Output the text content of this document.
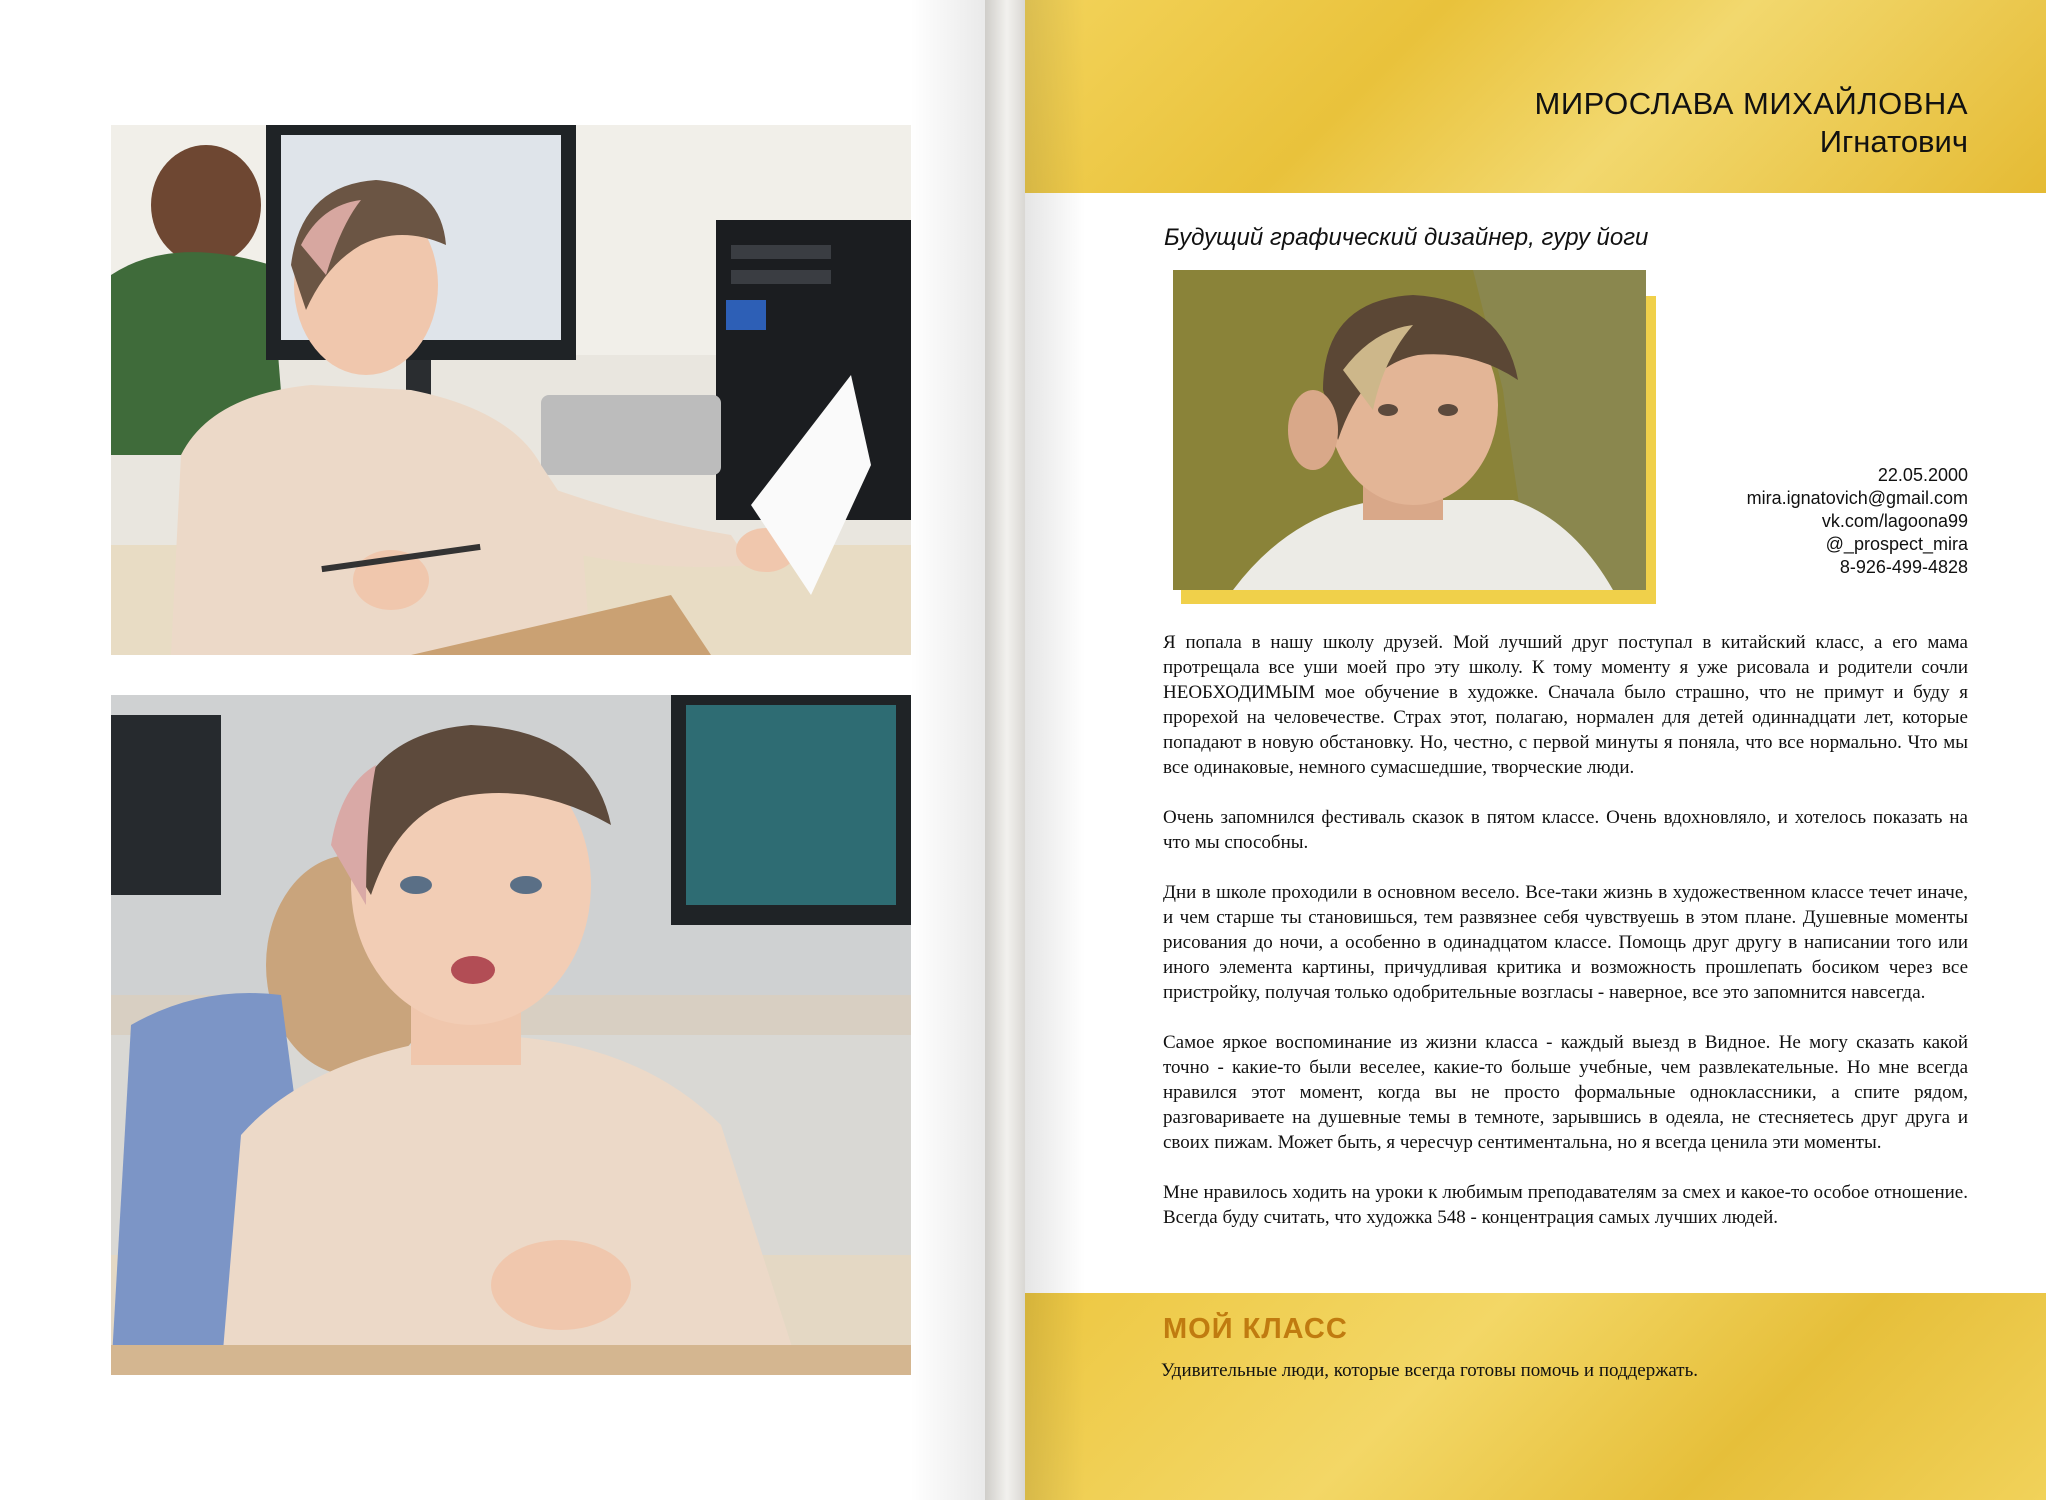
МИРОСЛАВА МИХАЙЛОВНА
Игнатович
Будущий графический дизайнер, гуру йоги
22.05.2000
mira.ignatovich@gmail.com
vk.com/lagoona99
@_prospect_mira
8-926-499-4828

Я попала в нашу школу друзей. Мой лучший друг поступал в китайский класс, а его мама протрещала все уши моей про эту школу. К тому моменту я уже рисовала и родители сочли НЕОБХОДИМЫМ мое обучение в художке. Сначала было страшно, что не примут и буду я прорехой на человечестве. Страх этот, полагаю, нормален для детей одиннадцати лет, которые попадают в новую обстановку. Но, честно, с первой минуты я поняла, что все нормально. Что мы все одинаковые, немного сумасшедшие, творческие люди.

Очень запомнился фестиваль сказок в пятом классе. Очень вдохновляло, и хотелось показать на что мы способны.

Дни в школе проходили в основном весело. Все-таки жизнь в художественном классе течет иначе, и чем старше ты становишься, тем развязнее себя чувствуешь в этом плане. Душевные моменты рисования до ночи, а особенно в одинадцатом классе. Помощь друг другу в написании того или иного элемента картины, причудливая критика и возможность прошлепать босиком через все пристройку, получая только одобрительные возгласы - наверное, все это запомнится навсегда.

Самое яркое воспоминание из жизни класса - каждый выезд в Видное. Не могу сказать какой точно - какие-то были веселее, какие-то больше учебные, чем развлекательные. Но мне всегда нравился этот момент, когда вы не просто формальные одноклассники, а спите рядом, разговариваете на душевные темы в темноте, зарывшись в одеяла, не стесняетесь друг друга и своих пижам. Может быть, я чересчур сентиментальна, но я всегда ценила эти моменты.

Мне нравилось ходить на уроки к любимым преподавателям за смех и какое-то особое отношение. Всегда буду считать, что художка 548 - концентрация самых лучших людей.

МОЙ КЛАСС
Удивительные люди, которые всегда готовы помочь и поддержать.
